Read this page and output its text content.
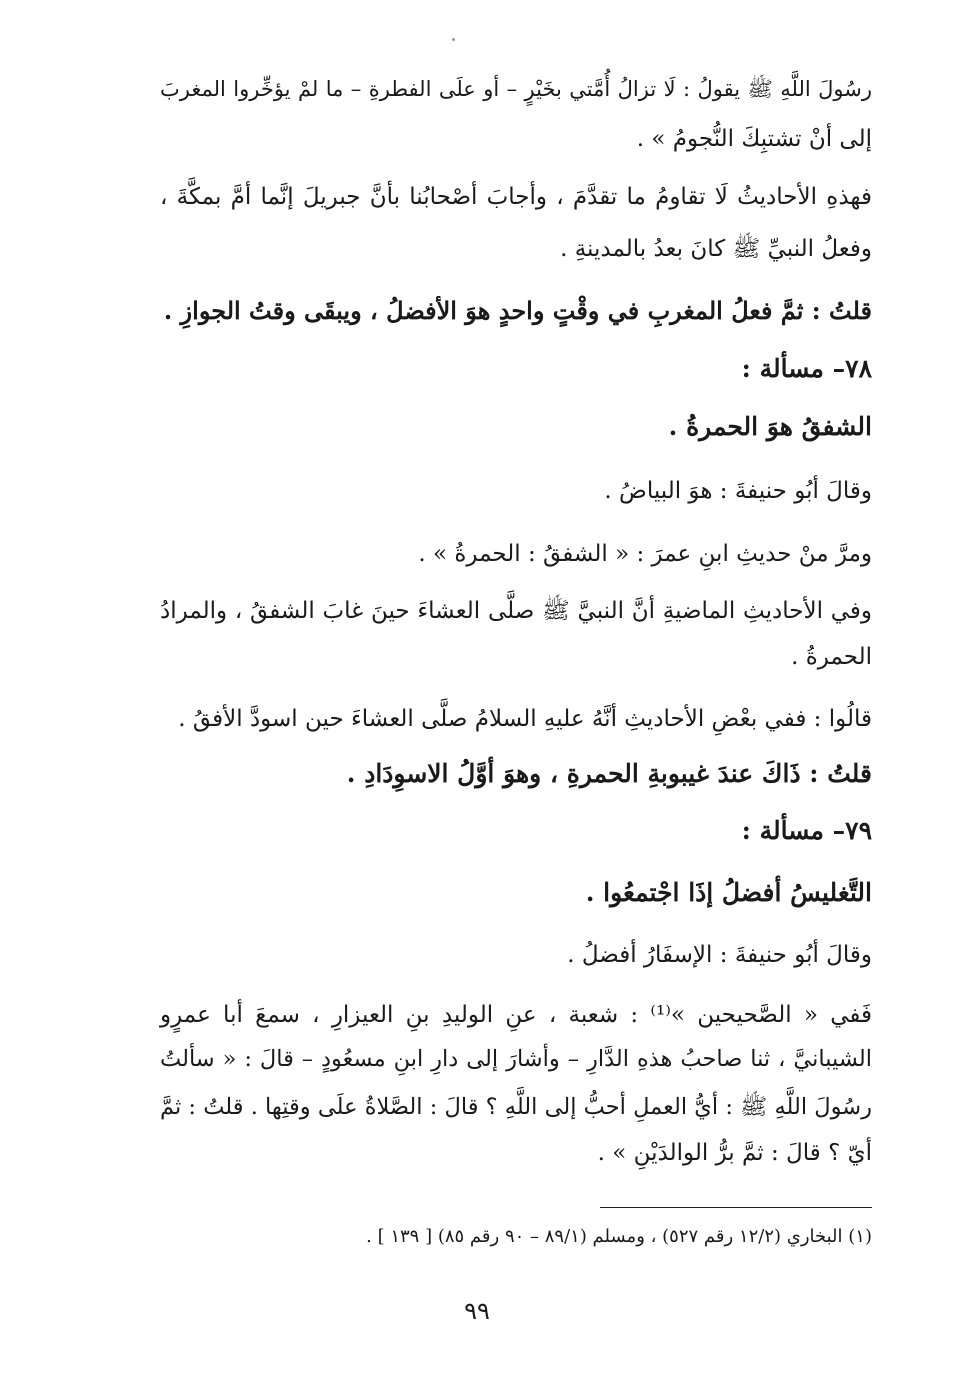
رسُولَ اللَّهِ ﷺ يقولُ : لَا تزالُ أُمَّتي بخَيْرٍ – أو علَى الفطرةِ – ما لمْ يؤخِّروا المغربَ
إلى أنْ تشتبِكَ النُّجومُ » .
فهذهِ الأحاديثُ لَا تقاومُ ما تقدَّمَ ، وأجابَ أصْحابُنا بأنَّ جبريلَ إنَّما أمَّ بمكَّةَ ،
وفعلُ النبيِّ ﷺ كانَ بعدُ بالمدينةِ .
قلتُ : ثمَّ فعلُ المغربِ في وقْتٍ واحدٍ هوَ الأفضلُ ، ويبقَى وقتُ الجوازِ .
٧٨– مسألة :
الشفقُ هوَ الحمرةُ .
وقالَ أبُو حنيفةَ : هوَ البياضُ .
ومرَّ منْ حديثِ ابنِ عمرَ : « الشفقُ : الحمرةُ » .
وفي الأحاديثِ الماضيةِ أنَّ النبيَّ ﷺ صلَّى العشاءَ حينَ غابَ الشفقُ ، والمرادُ
الحمرةُ .
قالُوا : ففي بعْضِ الأحاديثِ أنَّهُ عليهِ السلامُ صلَّى العشاءَ حين اسودَّ الأفقُ .
قلتُ : ذَاكَ عندَ غيبوبةِ الحمرةِ ، وهوَ أوَّلُ الاسوِدَادِ .
٧٩– مسألة :
التَّغليسُ أفضلُ إذَا اجْتمعُوا .
وقالَ أبُو حنيفةَ : الإسفَارُ أفضلُ .
فَفي « الصَّحيحين »⁽¹⁾ : شعبة ، عنِ الوليدِ بنِ العيزارِ ، سمعَ أبا عمرٍو
الشيبانيَّ ، ثنا صاحبُ هذهِ الدَّارِ – وأشارَ إلى دارِ ابنِ مسعُودٍ – قالَ : « سألتُ
رسُولَ اللَّهِ ﷺ : أيُّ العملِ أحبُّ إلى اللَّهِ ؟ قالَ : الصَّلاةُ علَى وقتِها . قلتُ : ثمَّ
أيّ ؟ قالَ : ثمَّ برُّ الوالدَيْنِ » .
(١) البخاري (١٢/٢ رقم ٥٢٧) ، ومسلم (٨٩/١ – ٩٠ رقم ٨٥) [ ١٣٩ ] .
٩٩
